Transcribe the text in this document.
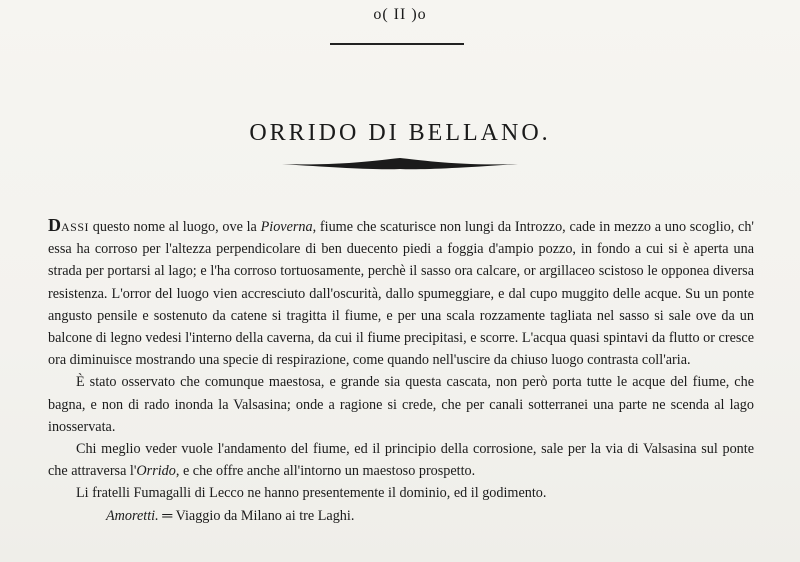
o( II )o
ORRIDO DI BELLANO.

DASSI questo nome al luogo, ove la Pioverna, fiume che scaturisce non lungi da Introzzo, cade in mezzo a uno scoglio, ch' essa ha corroso per l'altezza perpendicolare di ben duecento piedi a foggia d'ampio pozzo, in fondo a cui si è aperta una strada per portarsi al lago; e l'ha corroso tortuosamente, perchè il sasso ora calcare, or argillaceo scistoso le opponea diversa resistenza. L'orror del luogo vien accresciuto dall'oscurità, dallo spumeggiare, e dal cupo muggito delle acque. Su un ponte angusto pensile e sostenuto da catene si tragitta il fiume, e per una scala rozzamente tagliata nel sasso si sale ove da un balcone di legno vedesi l'interno della caverna, da cui il fiume precipitasi, e scorre. L'acqua quasi spintavi da flutto or cresce ora diminuisce mostrando una specie di respirazione, come quando nell'uscire da chiuso luogo contrasta coll'aria.

È stato osservato che comunque maestosa, e grande sia questa cascata, non però porta tutte le acque del fiume, che bagna, e non di rado inonda la Valsasina; onde a ragione si crede, che per canali sotterranei una parte ne scenda al lago inosservata.

Chi meglio veder vuole l'andamento del fiume, ed il principio della corrosione, sale per la via di Valsasina sul ponte che attraversa l'Orrido, e che offre anche all'intorno un maestoso prospetto.

Li fratelli Fumagalli di Lecco ne hanno presentemente il dominio, ed il godimento.

Amoretti. ═ Viaggio da Milano ai tre Laghi.
